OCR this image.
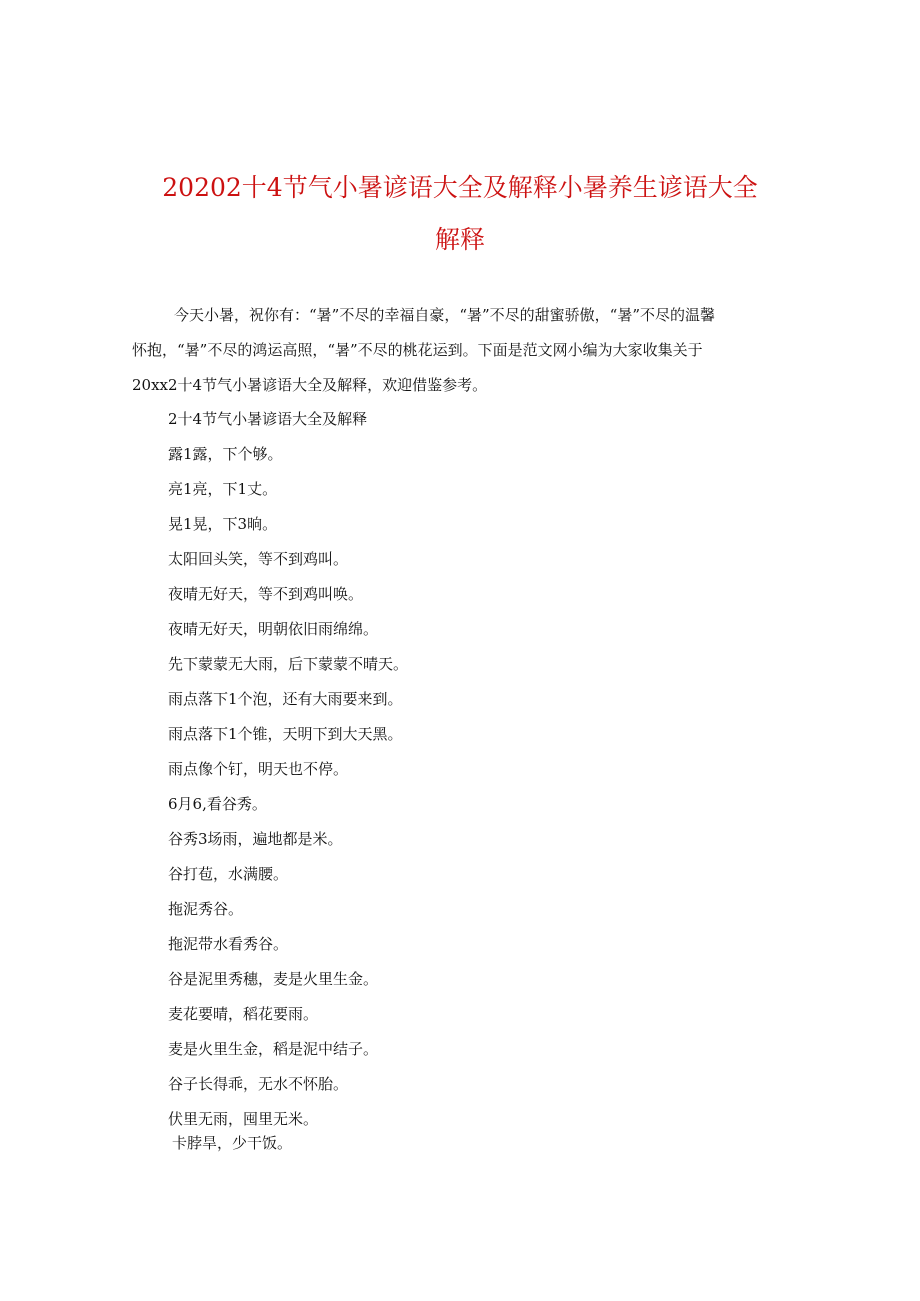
20202十4节气小暑谚语大全及解释小暑养生谚语大全
解释

今天小暑，祝你有：“暑”不尽的幸福自豪，“暑”不尽的甜蜜骄傲，“暑”不尽的温馨
怀抱，“暑”不尽的鸿运高照，“暑”不尽的桃花运到。下面是范文网小编为大家收集关于
20xx2十4节气小暑谚语大全及解释，欢迎借鉴参考。

2十4节气小暑谚语大全及解释
露1露，下个够。
亮1亮，下1丈。
晃1晃，下3晌。
太阳回头笑，等不到鸡叫。
夜晴无好天，等不到鸡叫唤。
夜晴无好天，明朝依旧雨绵绵。
先下蒙蒙无大雨，后下蒙蒙不晴天。
雨点落下1个泡，还有大雨要来到。
雨点落下1个锥，天明下到大天黑。
雨点像个钉，明天也不停。
6月6,看谷秀。
谷秀3场雨，遍地都是米。
谷打苞，水满腰。
拖泥秀谷。
拖泥带水看秀谷。
谷是泥里秀穗，麦是火里生金。
麦花要晴，稻花要雨。
麦是火里生金，稻是泥中结子。
谷子长得乖，无水不怀胎。
伏里无雨，囤里无米。
卡脖旱，少干饭。
